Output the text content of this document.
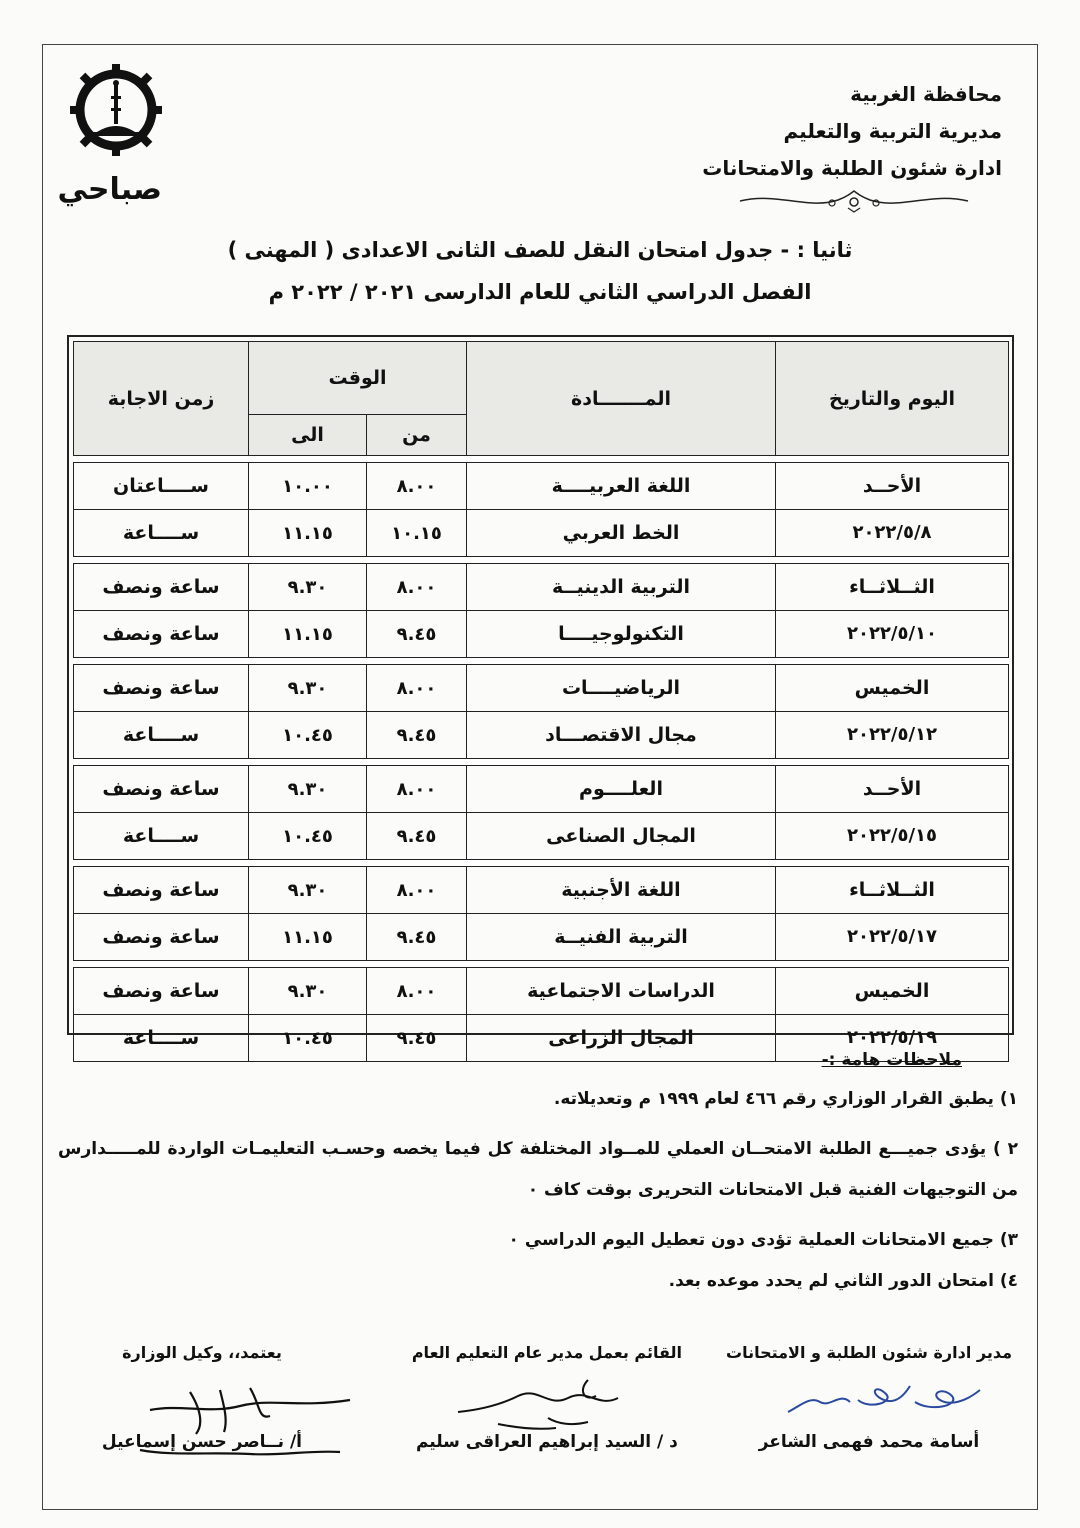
محافظة الغربية
مديرية التربية والتعليم
ادارة شئون الطلبة والامتحانات
صباحي
ثانيا : - جدول امتحان النقل للصف الثانى الاعدادى ( المهنى )
الفصل الدراسي الثاني للعام الدارسى ٢٠٢١ / ٢٠٢٢ م
اليوم والتاريخ	المـــــــادة	الوقت		زمن الاجابة
		من	الى	

الأحــد	اللغة العربيــــة	٨.٠٠	١٠.٠٠	ســــاعتان
٢٠٢٢/٥/٨	الخط العربي	١٠.١٥	١١.١٥	ســــاعة

الثــلاثــاء	التربية الدينيــة	٨.٠٠	٩.٣٠	ساعة ونصف
٢٠٢٢/٥/١٠	التكنولوجيــــا	٩.٤٥	١١.١٥	ساعة ونصف

الخميس	الرياضيــــات	٨.٠٠	٩.٣٠	ساعة ونصف
٢٠٢٢/٥/١٢	مجال الاقتصـــاد	٩.٤٥	١٠.٤٥	ســــاعة

الأحــد	العلــــوم	٨.٠٠	٩.٣٠	ساعة ونصف
٢٠٢٢/٥/١٥	المجال الصناعى	٩.٤٥	١٠.٤٥	ســــاعة

الثــلاثــاء	اللغة الأجنبية	٨.٠٠	٩.٣٠	ساعة ونصف
٢٠٢٢/٥/١٧	التربية الفنيــة	٩.٤٥	١١.١٥	ساعة ونصف

الخميس	الدراسات الاجتماعية	٨.٠٠	٩.٣٠	ساعة ونصف
٢٠٢٢/٥/١٩	المجال الزراعى	٩.٤٥	١٠.٤٥	ســــاعة
ملاحظات هامة :-

١) يطبق القرار الوزاري رقم ٤٦٦ لعام ١٩٩٩ م وتعديلاته.

٢ ) يؤدى جميـــع الطلبة الامتحــان العملي للمــواد المختلفة كل فيما يخصه وحسـب التعليمـات الواردة للمـــــدارس من التوجيهات الفنية قبل الامتحانات التحريرى بوقت كاف ٠

٣) جميع الامتحانات العملية تؤدى دون تعطيل اليوم الدراسي ٠

٤) امتحان الدور الثاني لم يحدد موعده بعد.

مدير ادارة شئون الطلبة و الامتحانات
أسامة محمد فهمى الشاعر
القائم بعمل مدير عام التعليم العام
د / السيد إبراهيم العراقى سليم
يعتمد،، وكيل الوزارة
أ/ نــاصر حسن إسماعيل
